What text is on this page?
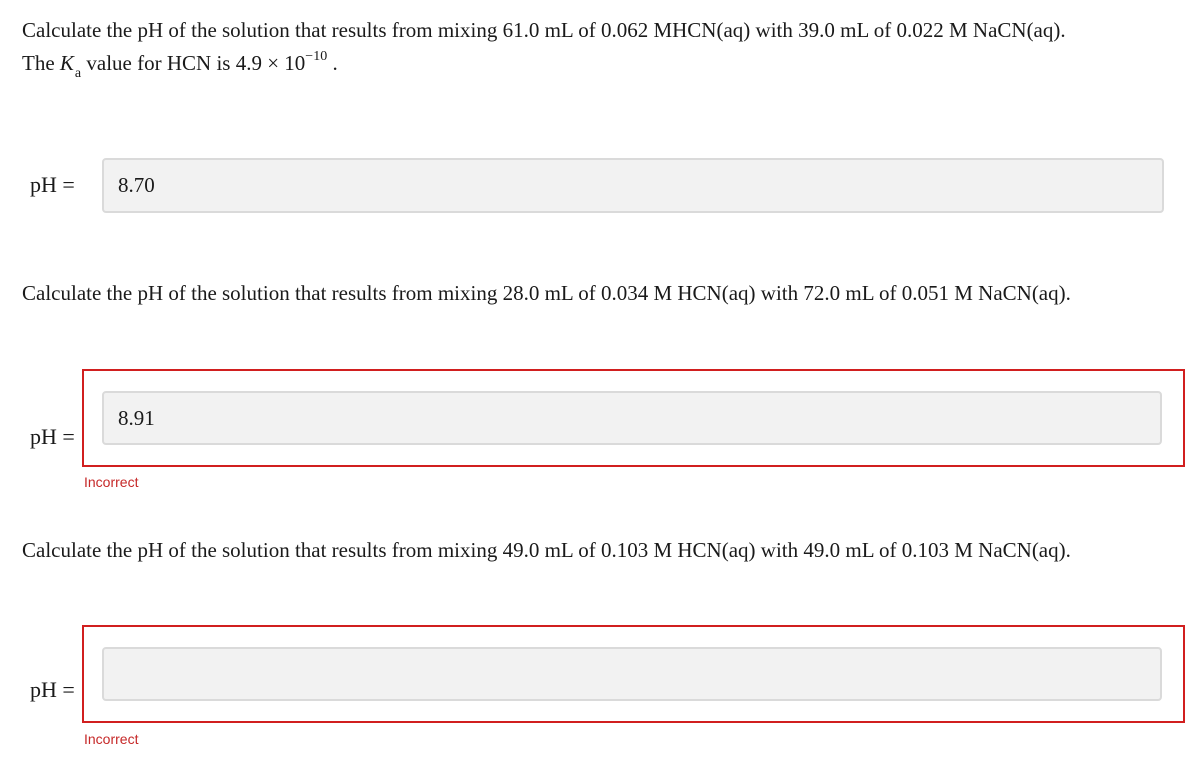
Calculate the pH of the solution that results from mixing 61.0 mL of 0.062 MHCN(aq) with 39.0 mL of 0.022 M NaCN(aq).
The $K_a$ value for HCN is $4.9 \times 10^{-10}$ .
pH =	8.70
Calculate the pH of the solution that results from mixing 28.0 mL of 0.034 M HCN(aq) with 72.0 mL of 0.051 M NaCN(aq).
pH =
8.91
Incorrect
Calculate the pH of the solution that results from mixing 49.0 mL of 0.103 M HCN(aq) with 49.0 mL of 0.103 M NaCN(aq).
pH =
Incorrect
